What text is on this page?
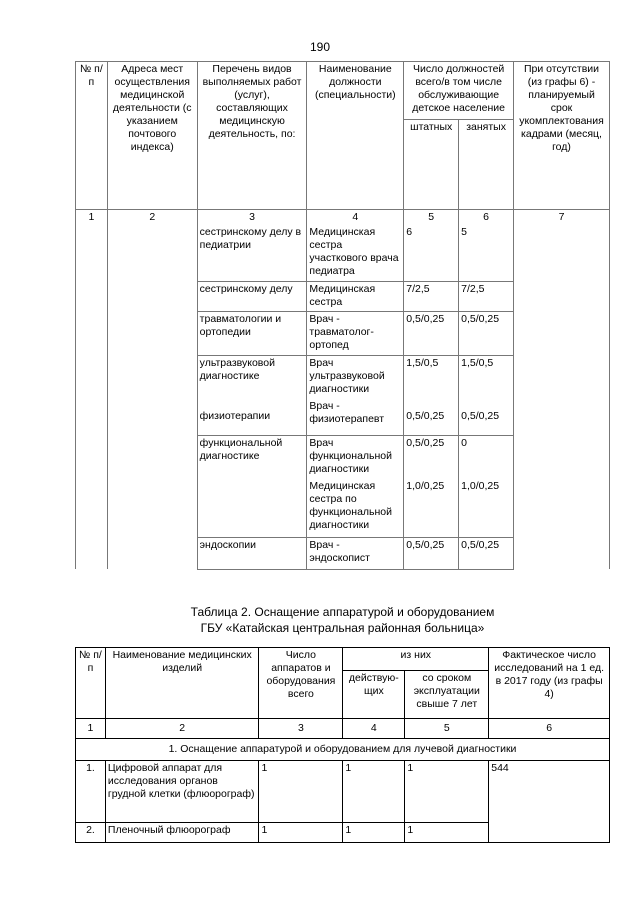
190
№ п/п	Адреса мест осуществления медицинской деятельности (с указанием почтового индекса)	Перечень видов выполняемых работ (услуг), составляющих медицинскую деятельность, по:	Наименование должности (специальности)	Число должностей всего/в том числе обслуживающие детское население		При отсутствии (из графы 6) - планируемый срок укомплектования кадрами (месяц, год)
				штатных	занятых	
1	2	3	4	5	6	7
		сестринскому делу в педиатрии	Медицинская сестра участкового врача педиатра	6	5	
		сестринскому делу	Медицинская сестра	7/2,5	7/2,5	
		травматологии и ортопедии	Врач - травматолог-ортопед	0,5/0,25	0,5/0,25	
		ультразвуковой диагностике	Врач ультразвуковой диагностики	1,5/0,5	1,5/0,5	
		физиотерапии	Врач - физиотерапевт	0,5/0,25	0,5/0,25	
		функциональной диагностике	Врач функциональной диагностики	0,5/0,25	0	
			Медицинская сестра по функциональной диагностики	1,0/0,25	1,0/0,25	
		эндоскопии	Врач - эндоскопист	0,5/0,25	0,5/0,25	
Таблица 2. Оснащение аппаратурой и оборудованием
ГБУ «Катайская центральная районная больница»
№ п/п	Наименование медицинских изделий	Число аппаратов и оборудования всего	из них		Фактическое число исследований на 1 ед. в 2017 году (из графы 4)
			действую-щих	со сроком эксплуатации свыше 7 лет	
1	2	3	4	5	6
1. Оснащение аппаратурой и оборудованием для лучевой диагностики					
1.	Цифровой аппарат для исследования органов грудной клетки (флюорограф)	1	1	1	544
2.	Пленочный флюорограф	1	1	1	
